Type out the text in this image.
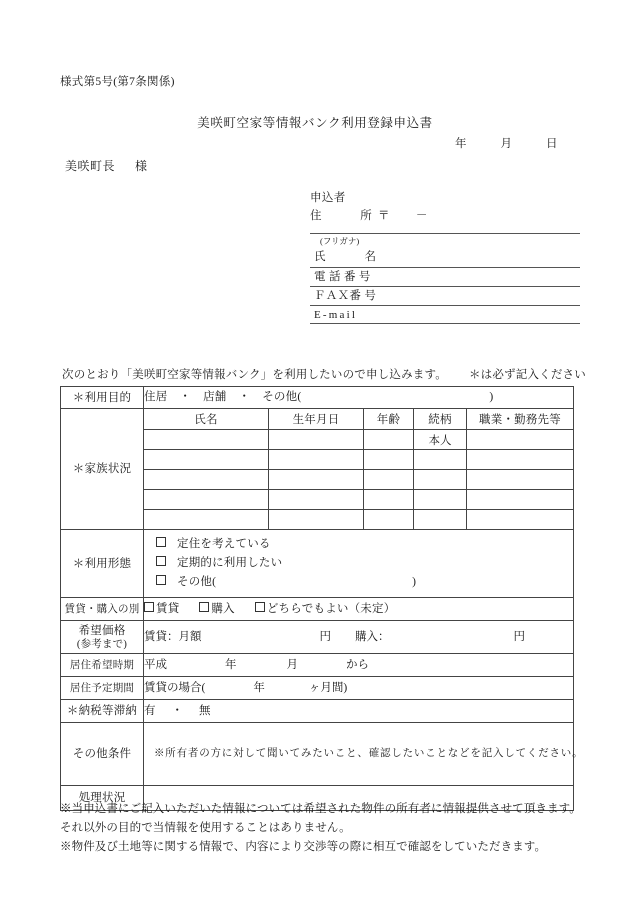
様式第5号(第7条関係)
美咲町空家等情報バンク利用登録申込書
年	月	日
美咲町長 様
申込者
住　　所 〒 －
(フリガナ)
氏　　名
電 話 番 号
ＦＡＸ番 号
E-mail
次のとおり「美咲町空家等情報バンク」を利用したいので申し込みます。 ＊は必ず記入ください
＊利用目的	住居 ・ 店舗 ・ その他( )				
＊家族状況	氏名	生年月日	年齢	続柄	職業・勤務先等
				本人	

＊利用形態	定住を考えている
定期的に利用したい
その他( )				

賃貸・購入の別	賃貸 購入 どちらでもよい（未定）				

希望価格
(参考まで)	賃貸：月額 円 購入： 円				
居住希望時期	平成 年 月 から				
居住予定期間	賃貸の場合( 年 ヶ月間)				
＊納税等滞納	有 ・ 無				
その他条件	※所有者の方に対して聞いてみたいこと、確認したいことなどを記入してください。				

処理状況					
※当申込書にご記入いただいた情報については希望された物件の所有者に情報提供させて頂きます。
それ以外の目的で当情報を使用することはありません。
※物件及び土地等に関する情報で、内容により交渉等の際に相互で確認をしていただきます。
